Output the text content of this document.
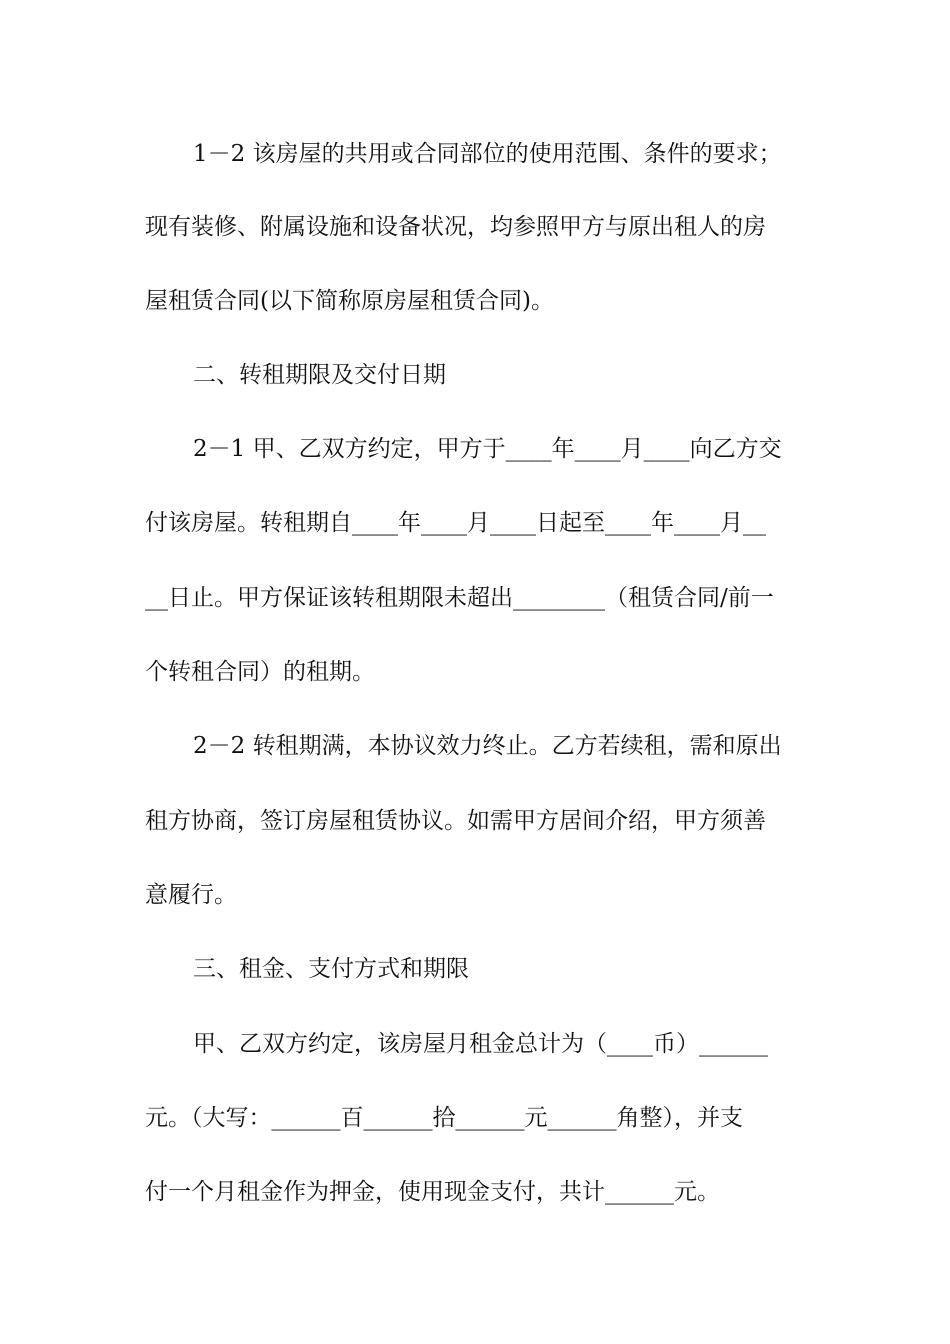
1－2 该房屋的共用或合同部位的使用范围、条件的要求；
现有装修、附属设施和设备状况，均参照甲方与原出租人的房
屋租赁合同(以下简称原房屋租赁合同)。
二、转租期限及交付日期
2－1 甲、乙双方约定，甲方于____年____月____向乙方交
付该房屋。转租期自____年____月____日起至____年____月__
__日止。甲方保证该转租期限未超出________（租赁合同/前一
个转租合同）的租期。
2－2 转租期满，本协议效力终止。乙方若续租，需和原出
租方协商，签订房屋租赁协议。如需甲方居间介绍，甲方须善
意履行。
三、租金、支付方式和期限
甲、乙双方约定，该房屋月租金总计为（____币）______
元。（大写：______百______拾______元______角整），并支
付一个月租金作为押金，使用现金支付，共计______元。
